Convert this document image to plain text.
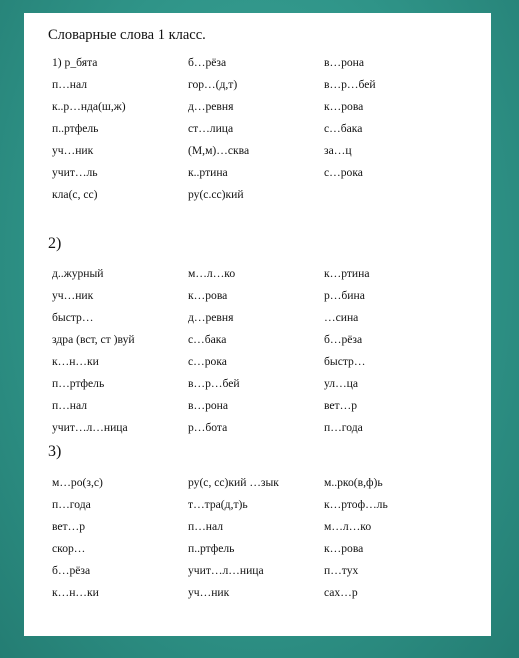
Словарные слова 1 класс.
1) р_бята	б…рёза	в…рона
п…нал	гор…(д,т)	в…р…бей
к..р…нда(ш,ж)	д…ревня	к…рова
п..ртфель	ст…лица	с…бака
уч…ник	(М,м)…сква	за…ц
учит…ль	к..ртина	с…рока
кла(с, сс)	ру(с.сс)кий
2)
д..журный	м…л…ко	к…ртина
уч…ник	к…рова	р…бина
быстр…	д…ревня	…сина
здра (вст, ст )вуй	с…бака	б…рёза
к…н…ки	с…рока	быстр…
п…ртфель	в…р…бей	ул…ца
п…нал	в…рона	вет…р
учит…л…ница	р…бота	п…года
3)
м…ро(з,с)	ру(с, сс)кий …зык	м..рко(в,ф)ь
п…года	т…тра(д,т)ь	к…ртоф…ль
вет…р	п…нал	м…л…ко
скор…	п..ртфель	к…рова
б…рёза	учит…л…ница	п…тух
к…н…ки	уч…ник	сах…р
